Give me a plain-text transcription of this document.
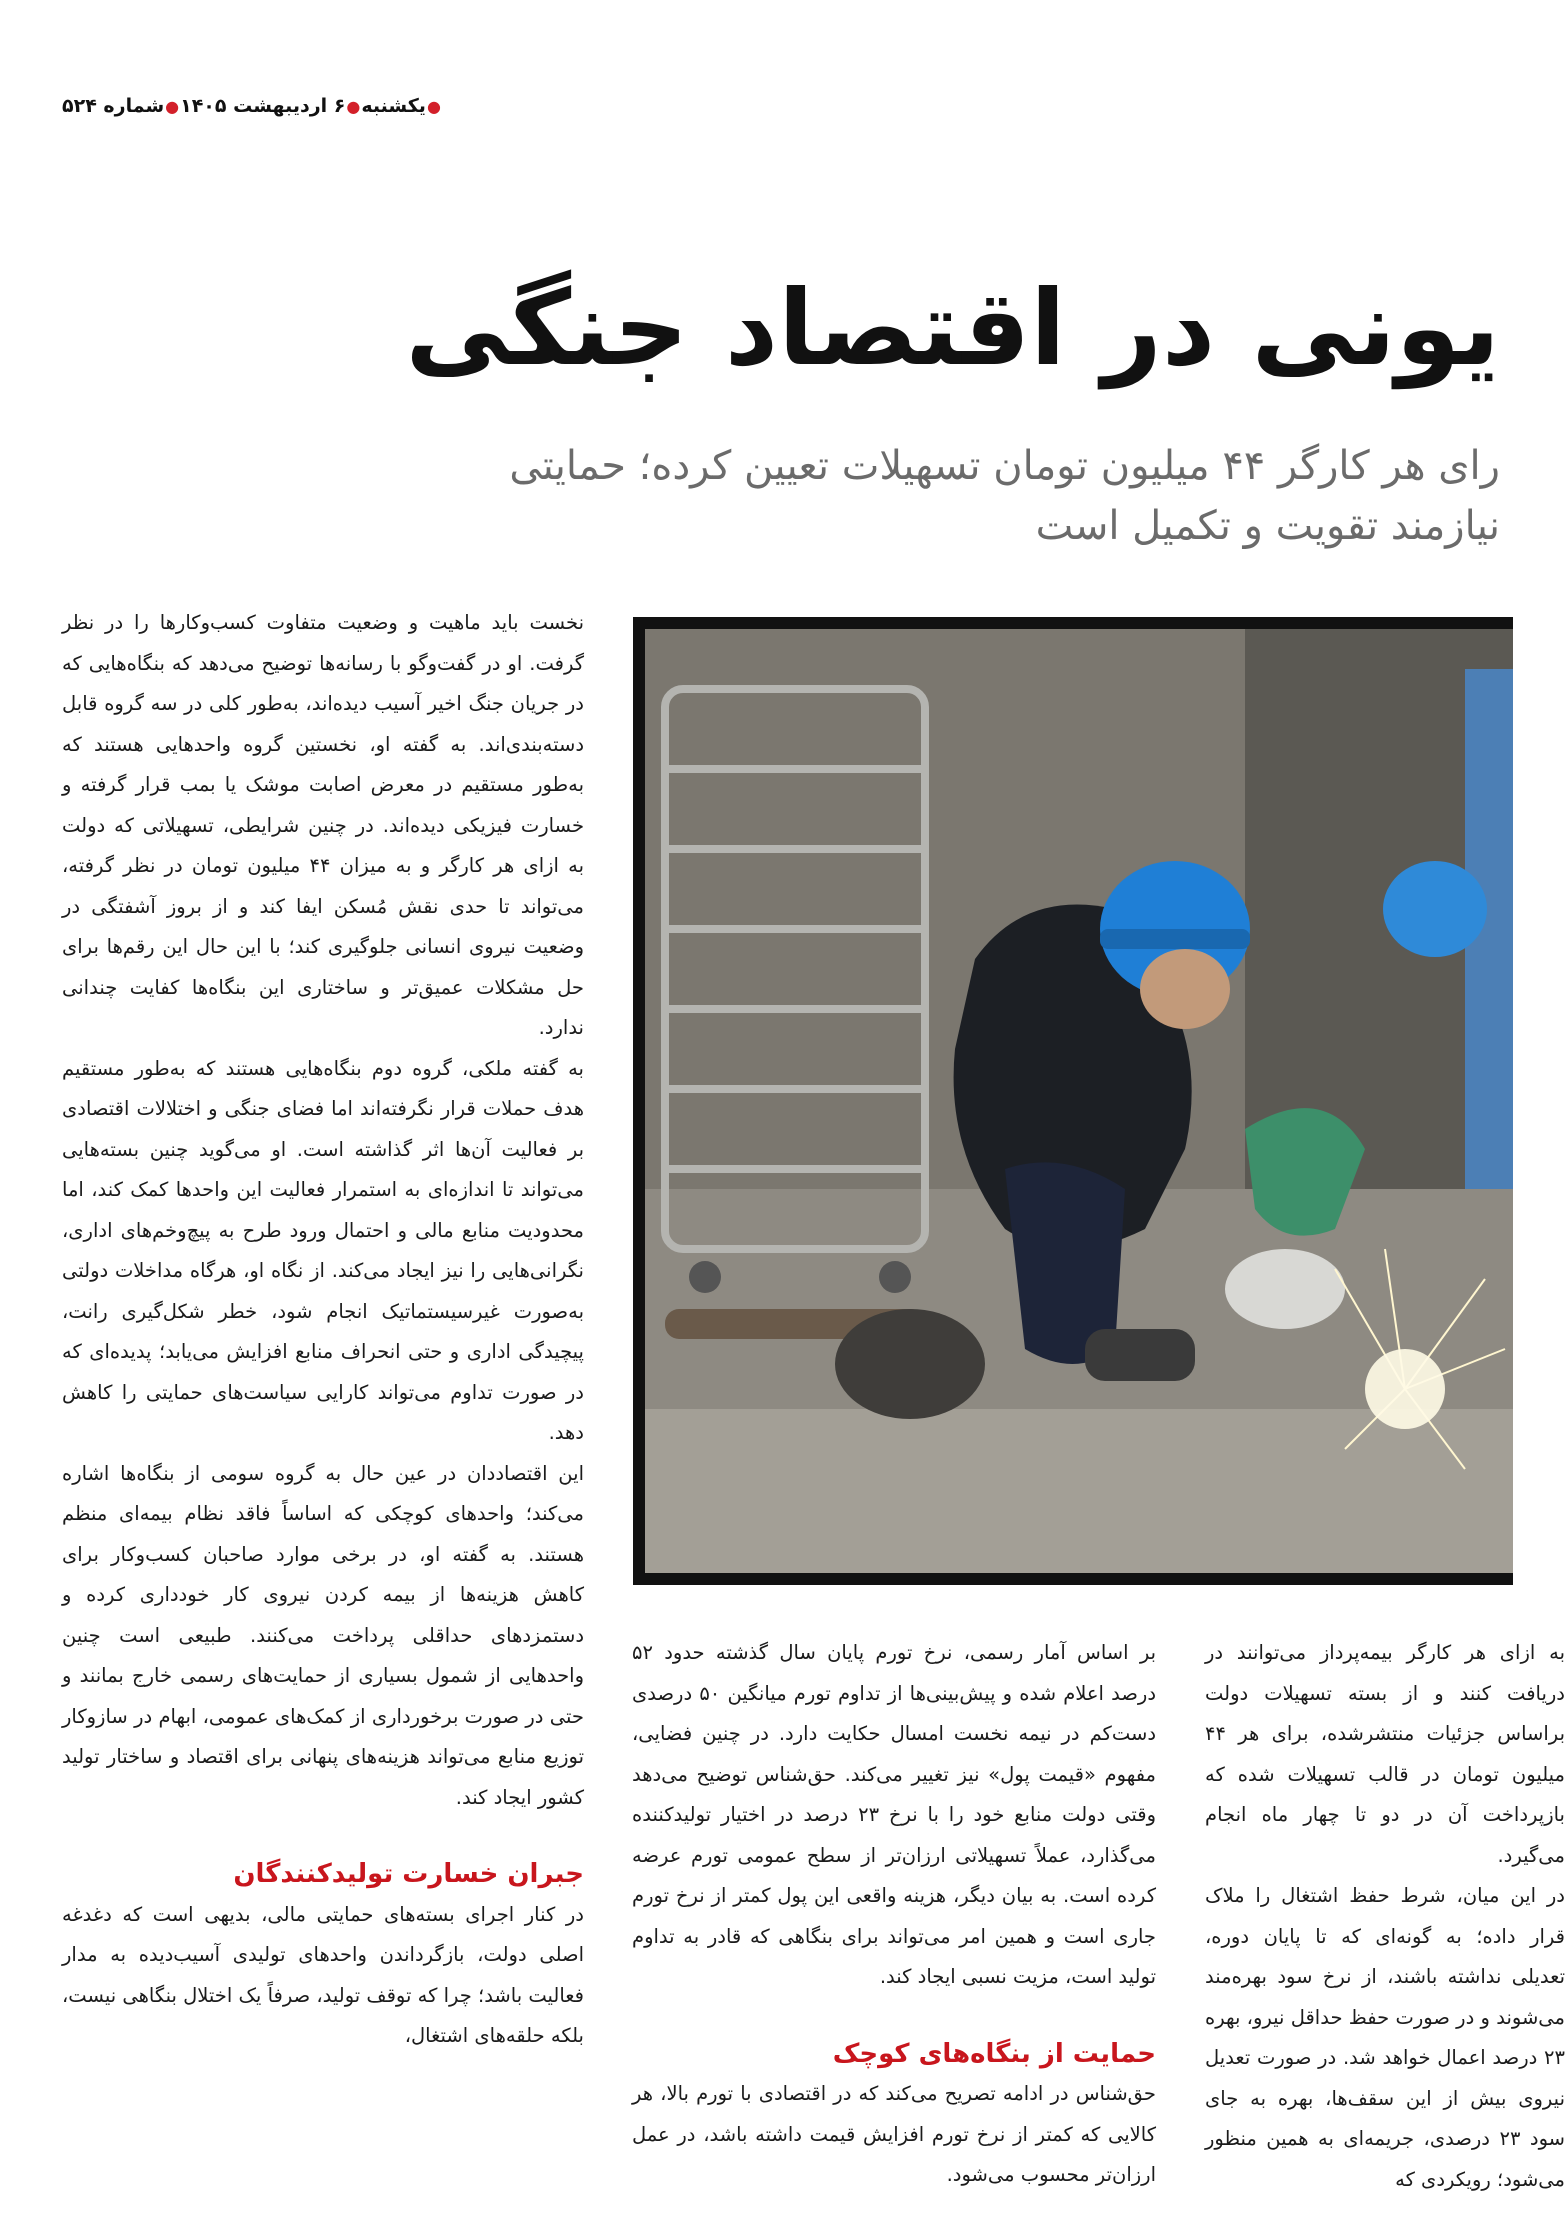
●یکشنبه●۶ اردیبهشت ۱۴۰۵●شماره ۵۲۴
یونی در اقتصاد جنگی
رای هر کارگر ۴۴ میلیون تومان تسهیلات تعیین کرده؛ حمایتی
نیازمند تقویت و تکمیل است

نخست باید ماهیت و وضعیت متفاوت کسب‌وکارها را در نظر گرفت. او در گفت‌وگو با رسانه‌ها توضیح می‌دهد که بنگاه‌هایی که در جریان جنگ اخیر آسیب دیده‌اند، به‌طور کلی در سه گروه قابل دسته‌بندی‌اند. به گفته او، نخستین گروه واحدهایی هستند که به‌طور مستقیم در معرض اصابت موشک یا بمب قرار گرفته و خسارت فیزیکی دیده‌اند. در چنین شرایطی، تسهیلاتی که دولت به ازای هر کارگر و به میزان ۴۴ میلیون تومان در نظر گرفته، می‌تواند تا حدی نقش مُسکن ایفا کند و از بروز آشفتگی در وضعیت نیروی انسانی جلوگیری کند؛ با این حال این رقم‌ها برای حل مشکلات عمیق‌تر و ساختاری این بنگاه‌ها کفایت چندانی ندارد.

به گفته ملکی، گروه دوم بنگاه‌هایی هستند که به‌طور مستقیم هدف حملات قرار نگرفته‌اند اما فضای جنگی و اختلالات اقتصادی بر فعالیت آن‌ها اثر گذاشته است. او می‌گوید چنین بسته‌هایی می‌تواند تا اندازه‌ای به استمرار فعالیت این واحدها کمک کند، اما محدودیت منابع مالی و احتمال ورود طرح به پیچ‌وخم‌های اداری، نگرانی‌هایی را نیز ایجاد می‌کند. از نگاه او، هرگاه مداخلات دولتی به‌صورت غیرسیستماتیک انجام شود، خطر شکل‌گیری رانت، پیچیدگی اداری و حتی انحراف منابع افزایش می‌یابد؛ پدیده‌ای که در صورت تداوم می‌تواند کارایی سیاست‌های حمایتی را کاهش دهد.

این اقتصاددان در عین حال به گروه سومی از بنگاه‌ها اشاره می‌کند؛ واحدهای کوچکی که اساساً فاقد نظام بیمه‌ای منظم هستند. به گفته او، در برخی موارد صاحبان کسب‌وکار برای کاهش هزینه‌ها از بیمه کردن نیروی کار خودداری کرده و دستمزدهای حداقلی پرداخت می‌کنند. طبیعی است چنین واحدهایی از شمول بسیاری از حمایت‌های رسمی خارج بمانند و حتی در صورت برخورداری از کمک‌های عمومی، ابهام در سازوکار توزیع منابع می‌تواند هزینه‌های پنهانی برای اقتصاد و ساختار تولید کشور ایجاد کند.

جبران خسارت تولیدکنندگان

در کنار اجرای بسته‌های حمایتی مالی، بدیهی است که دغدغه اصلی دولت، بازگرداندن واحدهای تولیدی آسیب‌دیده به مدار فعالیت باشد؛ چرا که توقف تولید، صرفاً یک اختلال بنگاهی نیست، بلکه حلقه‌های اشتغال،

بر اساس آمار رسمی، نرخ تورم پایان سال گذشته حدود ۵۲ درصد اعلام شده و پیش‌بینی‌ها از تداوم تورم میانگین ۵۰ درصدی دست‌کم در نیمه نخست امسال حکایت دارد. در چنین فضایی، مفهوم «قیمت پول» نیز تغییر می‌کند. حق‌شناس توضیح می‌دهد وقتی دولت منابع خود را با نرخ ۲۳ درصد در اختیار تولیدکننده می‌گذارد، عملاً تسهیلاتی ارزان‌تر از سطح عمومی تورم عرضه کرده است. به بیان دیگر، هزینه واقعی این پول کمتر از نرخ تورم جاری است و همین امر می‌تواند برای بنگاهی که قادر به تداوم تولید است، مزیت نسبی ایجاد کند.

حمایت از بنگاه‌های کوچک

حق‌شناس در ادامه تصریح می‌کند که در اقتصادی با تورم بالا، هر کالایی که کمتر از نرخ تورم افزایش قیمت داشته باشد، در عمل ارزان‌تر محسوب می‌شود.

به ازای هر کارگر بیمه‌پرداز می‌توانند در دریافت کنند و از بسته تسهیلات دولت براساس جزئیات منتشرشده، برای هر ۴۴ میلیون تومان در قالب تسهیلات شده که بازپرداخت آن در دو تا چهار ماه انجام می‌گیرد.

در این میان، شرط حفظ اشتغال را ملاک قرار داده؛ به گونه‌ای که تا پایان دوره، تعدیلی نداشته باشند، از نرخ سود بهره‌مند می‌شوند و در صورت حفظ حداقل نیرو، بهره ۲۳ درصد اعمال خواهد شد. در صورت تعدیل نیروی بیش از این سقف‌ها، بهره به جای سود ۲۳ درصدی، جریمه‌ای به همین منظور می‌شود؛ رویکردی که
